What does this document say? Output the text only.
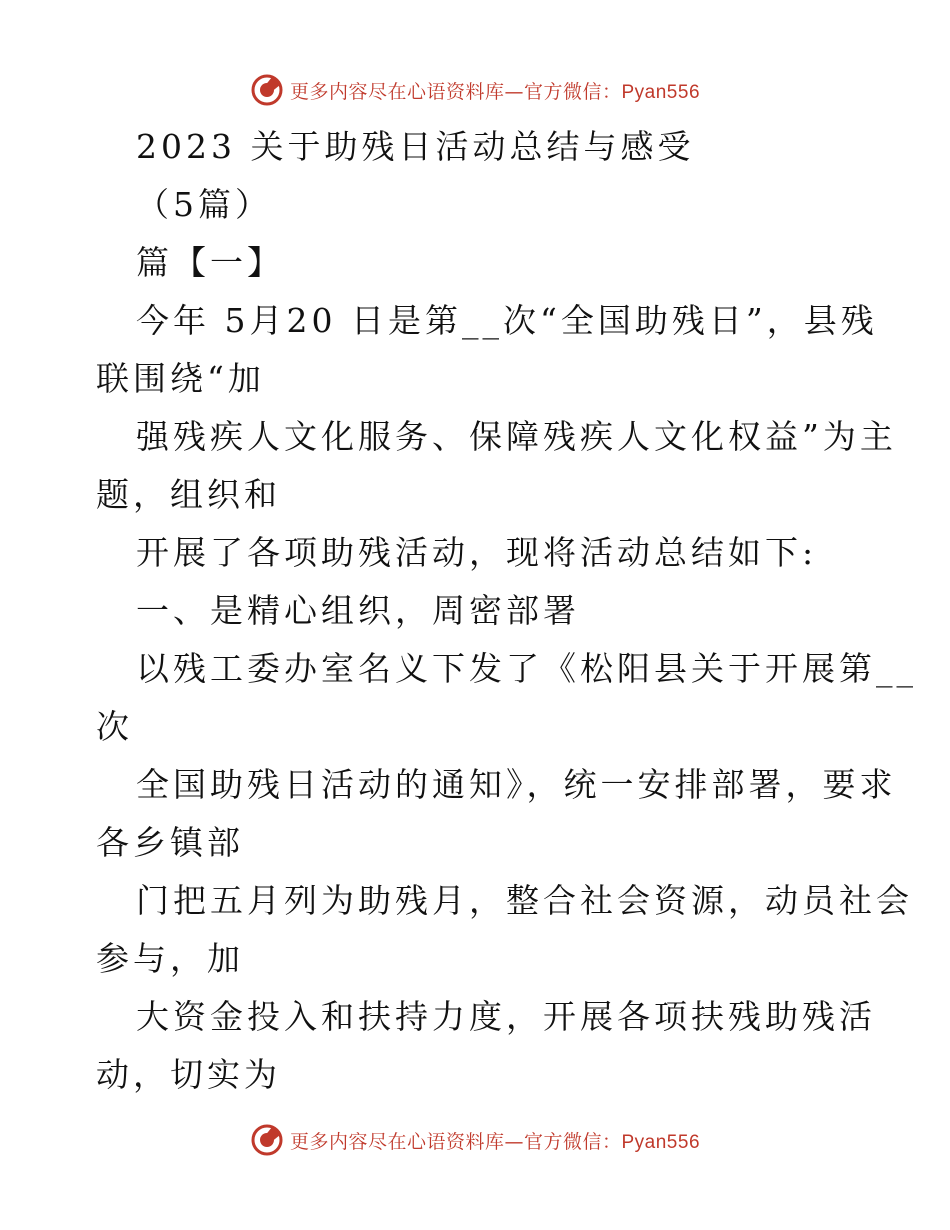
更多内容尽在心语资料库—官方微信：Pyan556
2023 关于助残日活动总结与感受
（5篇）
篇【一】
今年 5月20 日是第__次“全国助残日”，县残
联围绕“加
强残疾人文化服务、保障残疾人文化权益”为主
题，组织和
开展了各项助残活动，现将活动总结如下:
一、是精心组织，周密部署
以残工委办室名义下发了《松阳县关于开展第__
次
全国助残日活动的通知》，统一安排部署，要求
各乡镇部
门把五月列为助残月，整合社会资源，动员社会
参与，加
大资金投入和扶持力度，开展各项扶残助残活
动，切实为
更多内容尽在心语资料库—官方微信：Pyan556
